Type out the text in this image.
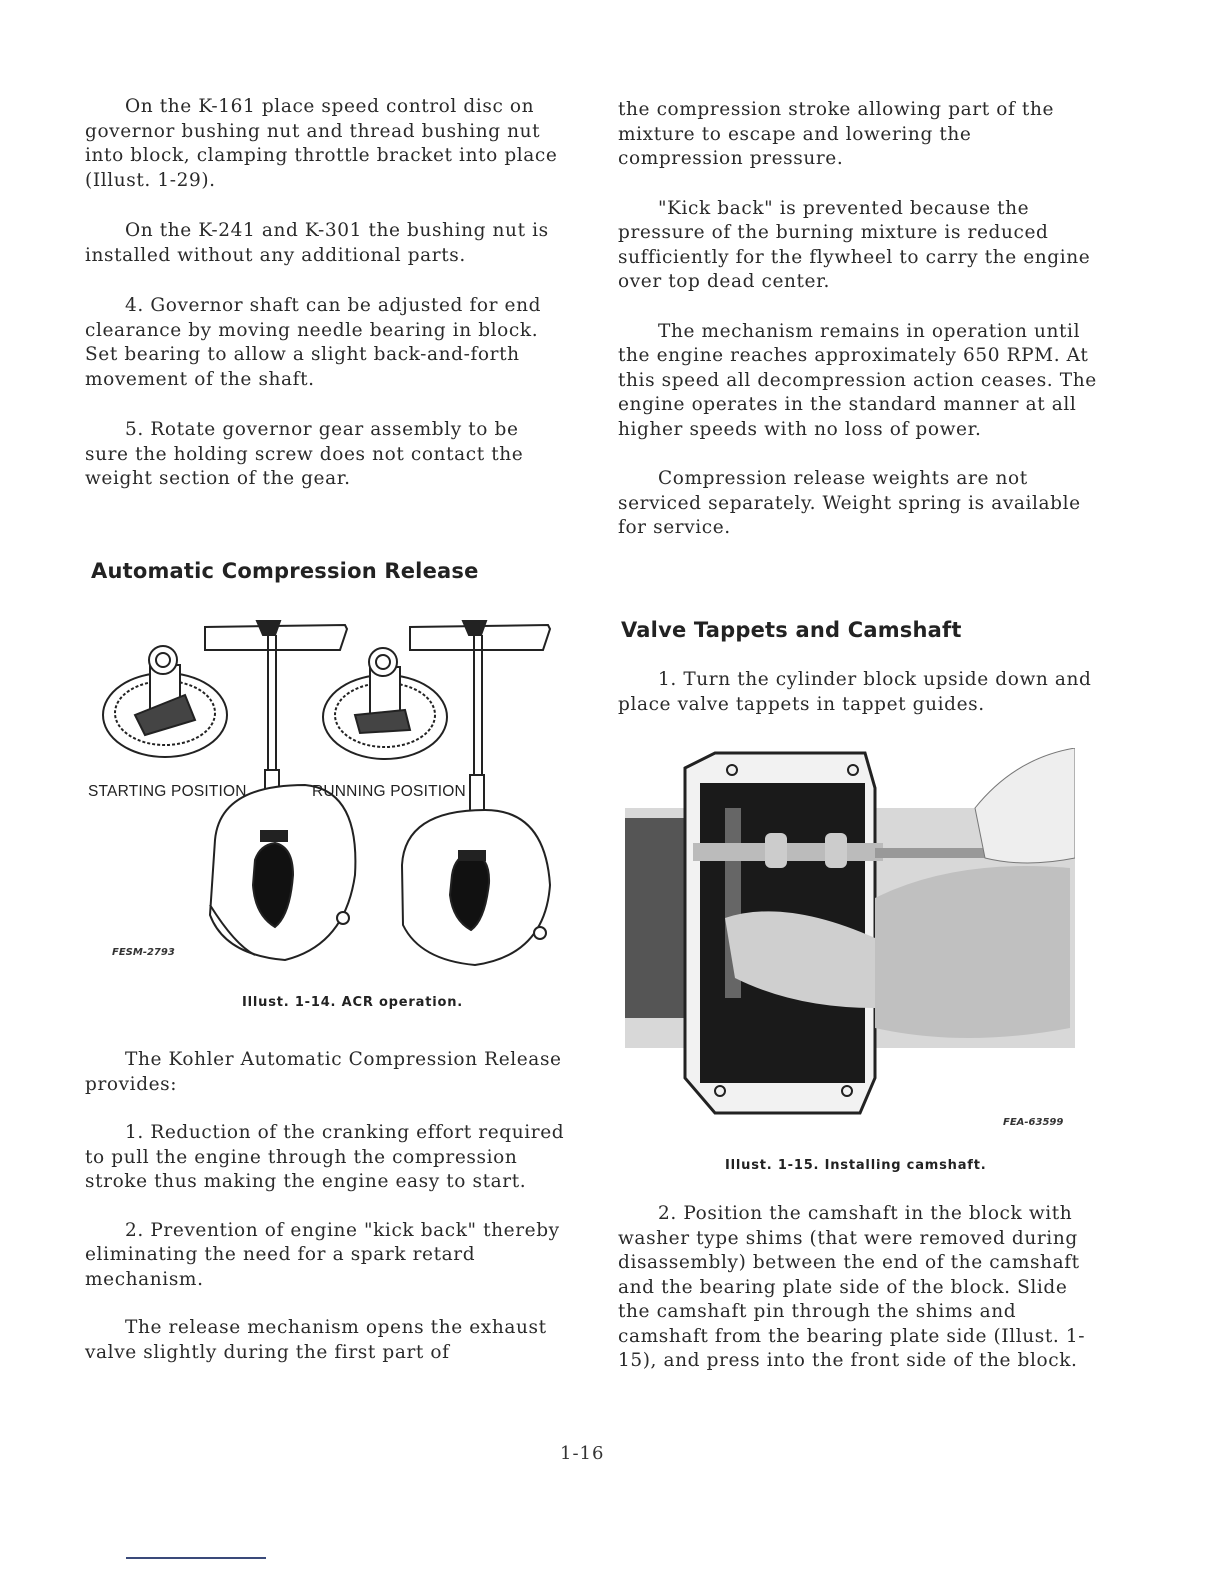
On the K-161 place speed control disc on governor bushing nut and thread bushing nut into block, clamping throttle bracket into place (Illust. 1-29).

On the K-241 and K-301 the bushing nut is installed without any additional parts.

4. Governor shaft can be adjusted for end clearance by moving needle bearing in block. Set bearing to allow a slight back-and-forth movement of the shaft.

5. Rotate governor gear assembly to be sure the holding screw does not contact the weight section of the gear.

Automatic Compression Release
STARTING POSITION	RUNNING POSITION
FESM-2793
Illust. 1-14. ACR operation.

The Kohler Automatic Compression Release provides:

1. Reduction of the cranking effort required to pull the engine through the compression stroke thus making the engine easy to start.

2. Prevention of engine "kick back" thereby eliminating the need for a spark retard mechanism.

The release mechanism opens the exhaust valve slightly during the first part of

the compression stroke allowing part of the mixture to escape and lowering the compression pressure.

"Kick back" is prevented because the pressure of the burning mixture is reduced sufficiently for the flywheel to carry the engine over top dead center.

The mechanism remains in operation until the engine reaches approximately 650 RPM. At this speed all decompression action ceases. The engine operates in the standard manner at all higher speeds with no loss of power.

Compression release weights are not serviced separately. Weight spring is available for service.

Valve Tappets and Camshaft

1. Turn the cylinder block upside down and place valve tappets in tappet guides.

FEA-63599
Illust. 1-15. Installing camshaft.

2. Position the camshaft in the block with washer type shims (that were removed during disassembly) between the end of the camshaft and the bearing plate side of the block. Slide the camshaft pin through the shims and camshaft from the bearing plate side (Illust. 1-15), and press into the front side of the block.

1-16
